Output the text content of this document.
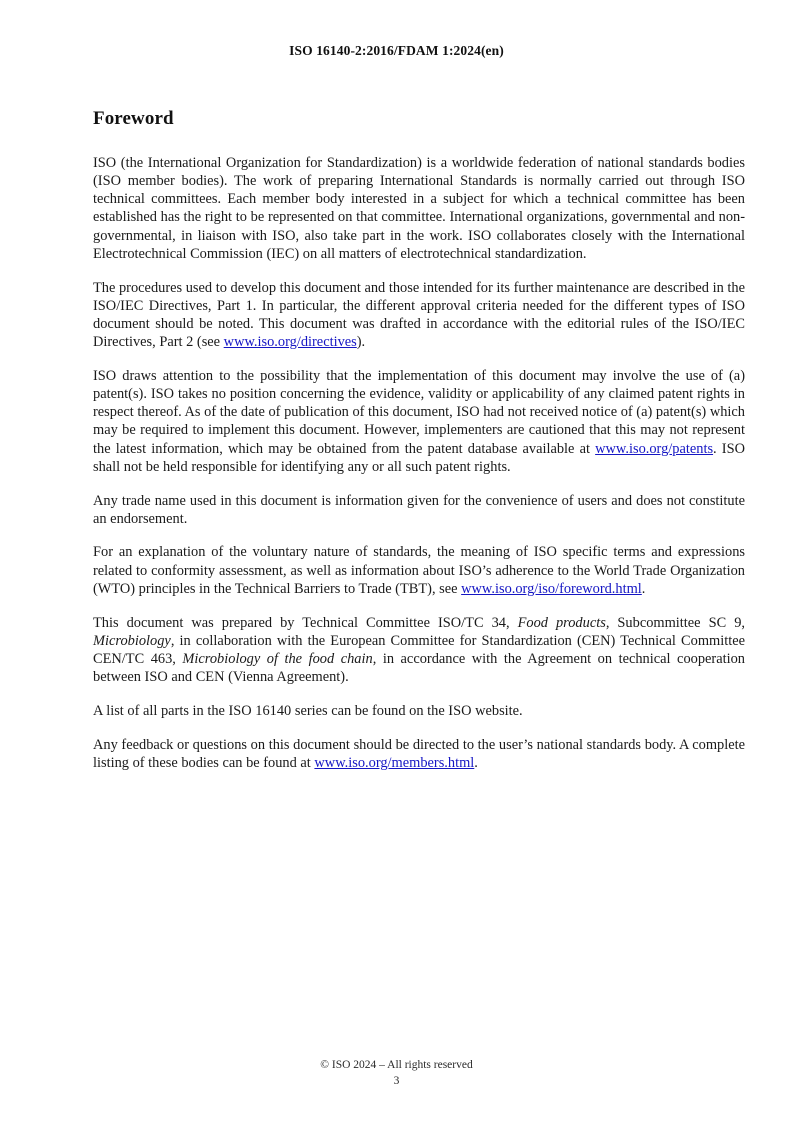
ISO 16140-2:2016/FDAM 1:2024(en)
Foreword

ISO (the International Organization for Standardization) is a worldwide federation of national standards bodies (ISO member bodies). The work of preparing International Standards is normally carried out through ISO technical committees. Each member body interested in a subject for which a technical committee has been established has the right to be represented on that committee. International organizations, governmental and non-governmental, in liaison with ISO, also take part in the work. ISO collaborates closely with the International Electrotechnical Commission (IEC) on all matters of electrotechnical standardization.

The procedures used to develop this document and those intended for its further maintenance are described in the ISO/IEC Directives, Part 1. In particular, the different approval criteria needed for the different types of ISO document should be noted. This document was drafted in accordance with the editorial rules of the ISO/IEC Directives, Part 2 (see www.iso.org/directives).

ISO draws attention to the possibility that the implementation of this document may involve the use of (a) patent(s). ISO takes no position concerning the evidence, validity or applicability of any claimed patent rights in respect thereof. As of the date of publication of this document, ISO had not received notice of (a) patent(s) which may be required to implement this document. However, implementers are cautioned that this may not represent the latest information, which may be obtained from the patent database available at www.iso.org/patents. ISO shall not be held responsible for identifying any or all such patent rights.

Any trade name used in this document is information given for the convenience of users and does not constitute an endorsement.

For an explanation of the voluntary nature of standards, the meaning of ISO specific terms and expressions related to conformity assessment, as well as information about ISO’s adherence to the World Trade Organization (WTO) principles in the Technical Barriers to Trade (TBT), see www.iso.org/iso/foreword.html.

This document was prepared by Technical Committee ISO/TC 34, Food products, Subcommittee SC 9, Microbiology, in collaboration with the European Committee for Standardization (CEN) Technical Committee CEN/TC 463, Microbiology of the food chain, in accordance with the Agreement on technical cooperation between ISO and CEN (Vienna Agreement).

A list of all parts in the ISO 16140 series can be found on the ISO website.

Any feedback or questions on this document should be directed to the user’s national standards body. A complete listing of these bodies can be found at www.iso.org/members.html.

© ISO 2024 – All rights reserved
3
